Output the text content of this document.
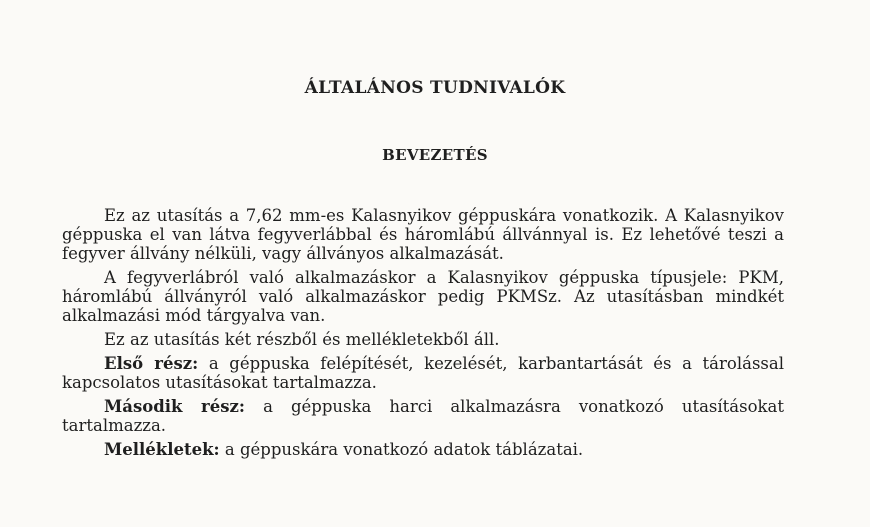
ÁLTALÁNOS TUDNIVALÓK
BEVEZETÉS

Ez az utasítás a 7,62 mm-es Kalasnyikov géppuskára vonatkozik. A Kalasnyikov géppuska el van látva fegyverlábbal és háromlábú állvánnyal is. Ez lehetővé teszi a fegyver állvány nélküli, vagy állványos alkalmazását.

A fegyverlábról való alkalmazáskor a Kalasnyikov géppuska típusjele: PKM, háromlábú állványról való alkalmazáskor pedig PKMSz. Az utasításban mindkét alkalmazási mód tárgyalva van.

Ez az utasítás két részből és mellékletekből áll.

Első rész: a géppuska felépítését, kezelését, karbantartását és a tárolással kapcsolatos utasításokat tartalmazza.

Második rész: a géppuska harci alkalmazásra vonatkozó utasításokat tartalmazza.

Mellékletek: a géppuskára vonatkozó adatok táblázatai.
